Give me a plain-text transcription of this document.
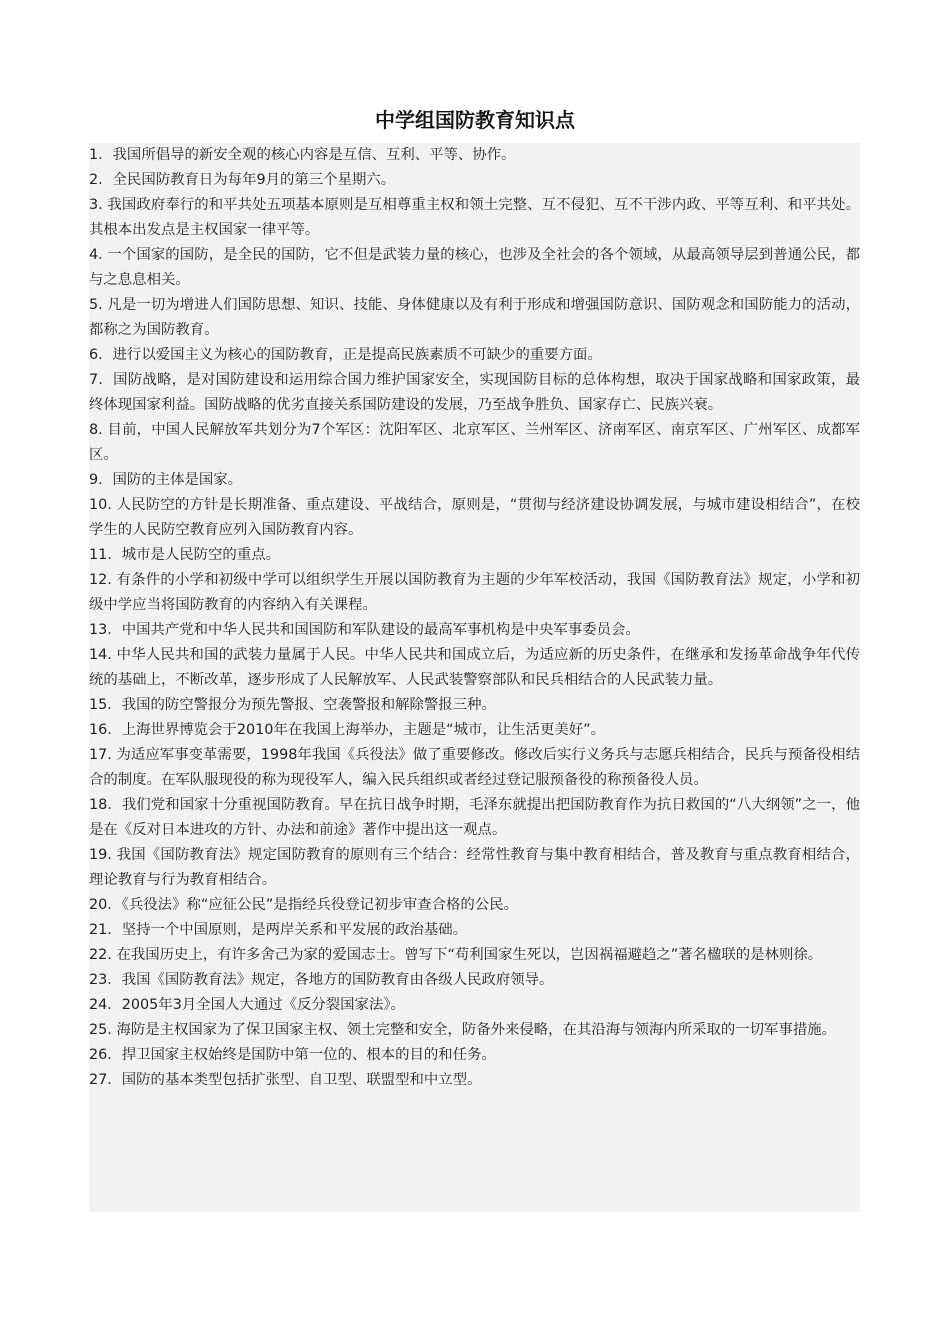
中学组国防教育知识点

1．我国所倡导的新安全观的核心内容是互信、互利、平等、协作。

2．全民国防教育日为每年9月的第三个星期六。

3. 我国政府奉行的和平共处五项基本原则是互相尊重主权和领土完整、互不侵犯、互不干涉内政、平等互利、和平共处。其根本出发点是主权国家一律平等。

4. 一个国家的国防，是全民的国防，它不但是武装力量的核心，也涉及全社会的各个领域，从最高领导层到普通公民，都与之息息相关。

5. 凡是一切为增进人们国防思想、知识、技能、身体健康以及有利于形成和增强国防意识、国防观念和国防能力的活动，都称之为国防教育。

6．进行以爱国主义为核心的国防教育，正是提高民族素质不可缺少的重要方面。

7．国防战略，是对国防建设和运用综合国力维护国家安全，实现国防目标的总体构想，取决于国家战略和国家政策，最终体现国家利益。国防战略的优劣直接关系国防建设的发展，乃至战争胜负、国家存亡、民族兴衰。

8. 目前，中国人民解放军共划分为7个军区：沈阳军区、北京军区、兰州军区、济南军区、南京军区、广州军区、成都军区。

9．国防的主体是国家。

10. 人民防空的方针是长期准备、重点建设、平战结合，原则是，“贯彻与经济建设协调发展，与城市建设相结合”，在校学生的人民防空教育应列入国防教育内容。

11．城市是人民防空的重点。

12. 有条件的小学和初级中学可以组织学生开展以国防教育为主题的少年军校活动，我国《国防教育法》规定，小学和初级中学应当将国防教育的内容纳入有关课程。

13．中国共产党和中华人民共和国国防和军队建设的最高军事机构是中央军事委员会。

14. 中华人民共和国的武装力量属于人民。中华人民共和国成立后，为适应新的历史条件，在继承和发扬革命战争年代传统的基础上，不断改革，逐步形成了人民解放军、人民武装警察部队和民兵相结合的人民武装力量。

15．我国的防空警报分为预先警报、空袭警报和解除警报三种。

16．上海世界博览会于2010年在我国上海举办，主题是“城市，让生活更美好”。

17. 为适应军事变革需要，1998年我国《兵役法》做了重要修改。修改后实行义务兵与志愿兵相结合，民兵与预备役相结合的制度。在军队服现役的称为现役军人，编入民兵组织或者经过登记服预备役的称预备役人员。

18．我们党和国家十分重视国防教育。早在抗日战争时期，毛泽东就提出把国防教育作为抗日救国的“八大纲领”之一，他是在《反对日本进攻的方针、办法和前途》著作中提出这一观点。

19. 我国《国防教育法》规定国防教育的原则有三个结合：经常性教育与集中教育相结合，普及教育与重点教育相结合，理论教育与行为教育相结合。

20．《兵役法》称“应征公民”是指经兵役登记初步审查合格的公民。

21．坚持一个中国原则，是两岸关系和平发展的政治基础。

22. 在我国历史上，有许多舍己为家的爱国志士。曾写下“苟利国家生死以，岂因祸福避趋之”著名楹联的是林则徐。

23．我国《国防教育法》规定，各地方的国防教育由各级人民政府领导。

24．2005年3月全国人大通过《反分裂国家法》。

25. 海防是主权国家为了保卫国家主权、领土完整和安全，防备外来侵略，在其沿海与领海内所采取的一切军事措施。

26．捍卫国家主权始终是国防中第一位的、根本的目的和任务。

27．国防的基本类型包括扩张型、自卫型、联盟型和中立型。
